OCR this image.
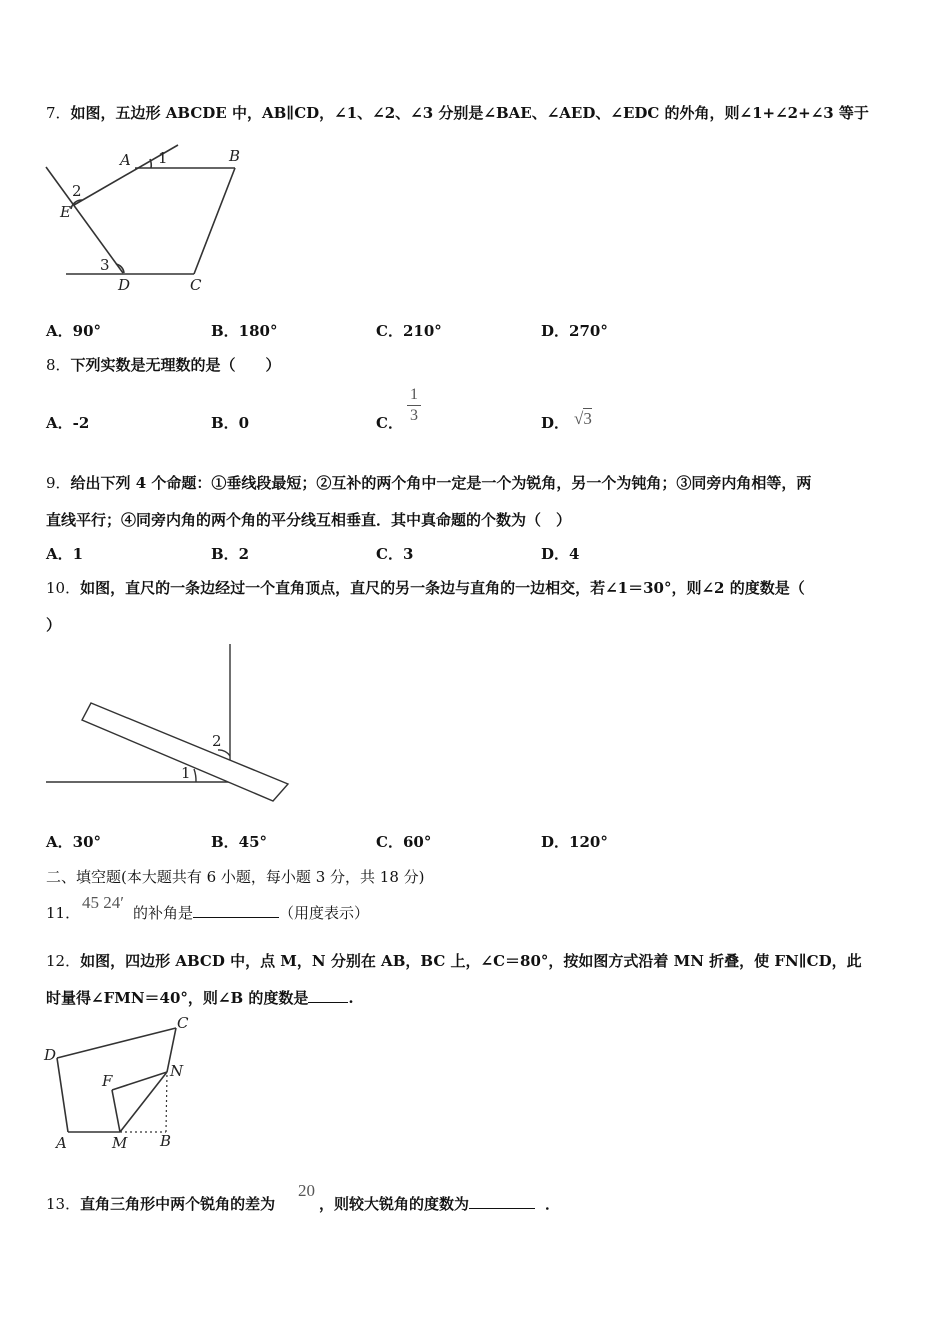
7．如图，五边形 ABCDE 中，AB∥CD，∠1、∠2、∠3 分别是∠BAE、∠AED、∠EDC 的外角，则∠1+∠2+∠3 等于
A	B
C
D
E
1
2
3
A．90°	B．180°	C．210°	D．270°
8．下列实数是无理数的是（　　）
A．-2	B．0	C．
1
3	D． √3
9．给出下列 4 个命题：①垂线段最短；②互补的两个角中一定是一个为锐角，另一个为钝角；③同旁内角相等，两
直线平行；④同旁内角的两个角的平分线互相垂直．其中真命题的个数为（　）
A．1	B．2	C．3	D．4
10．如图，直尺的一条边经过一个直角顶点，直尺的另一条边与直角的一边相交，若∠1＝30°，则∠2 的度数是（
）
1
2
A．30°	B．45°	C．60°	D．120°
二、填空题(本大题共有 6 小题，每小题 3 分，共 18 分)
11．
45 24′
的补角是	（用度表示）
12．如图，四边形 ABCD 中，点 M，N 分别在 AB，BC 上，∠C＝80°，按如图方式沿着 MN 折叠，使 FN∥CD，此
时量得∠FMN＝40°，则∠B 的度数是	.
A	B
C
D
F
M
N
13．直角三角形中两个锐角的差为
20
，则较大锐角的度数为	．
